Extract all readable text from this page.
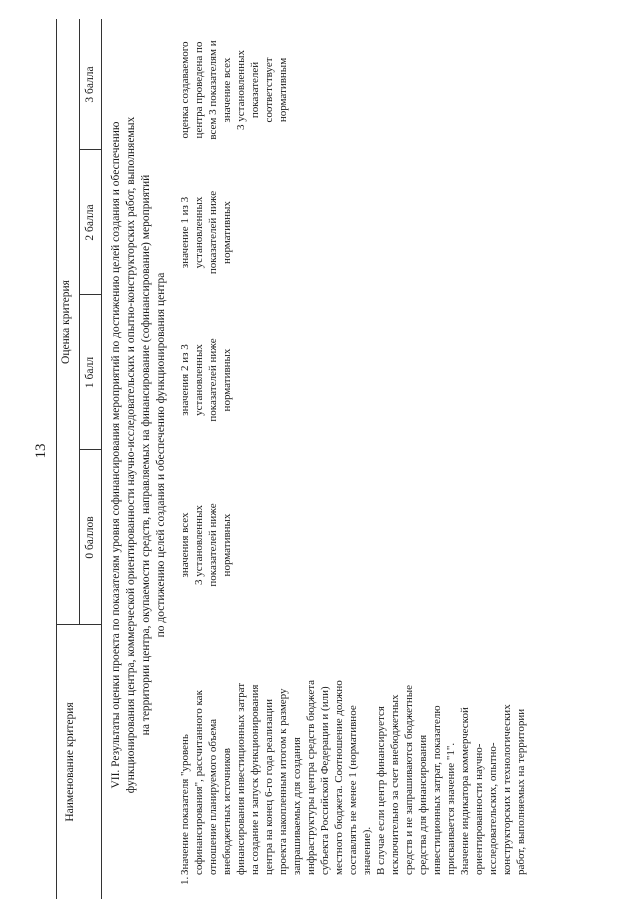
13
Наименование критерия
Оценка критерия
0 баллов
1 балл
2 балла
3 балла
VII. Результаты оценки проекта по показателям уровня софинансирования мероприятий по достижению целей создания и обеспечению
функционирования центра, коммерческой ориентированности научно-исследовательских и опытно-конструкторских работ, выполняемых
на территории центра, окупаемости средств, направляемых на финансирование (софинансирование) мероприятий
по достижению целей создания и обеспечению функционирования центра
1.
Значение показателя "уровень
софинансирования", рассчитанного как
отношение планируемого объема
внебюджетных источников
финансирования инвестиционных затрат
на создание и запуск функционирования
центра на конец 6-го года реализации
проекта накопленным итогом к размеру
запрашиваемых для создания
инфраструктуры центра средств бюджета
субъекта Российской Федерации и (или)
местного бюджета. Соотношение должно
составлять не менее 1 (нормативное
значение).
В случае если центр финансируется
исключительно за счет внебюджетных
средств и не запрашиваются бюджетные
средства для финансирования
инвестиционных затрат, показателю
присваивается значение "1".
Значение индикатора коммерческой
ориентированности научно-
исследовательских, опытно-
конструкторских и технологических
работ, выполняемых на территории
значения всех
3 установленных
показателей ниже
нормативных
значения 2 из 3
установленных
показателей ниже
нормативных
значение 1 из 3
установленных
показателей ниже
нормативных
оценка создаваемого
центра проведена по
всем 3 показателям и
значение всех
3 установленных
показателей
соответствует
нормативным
